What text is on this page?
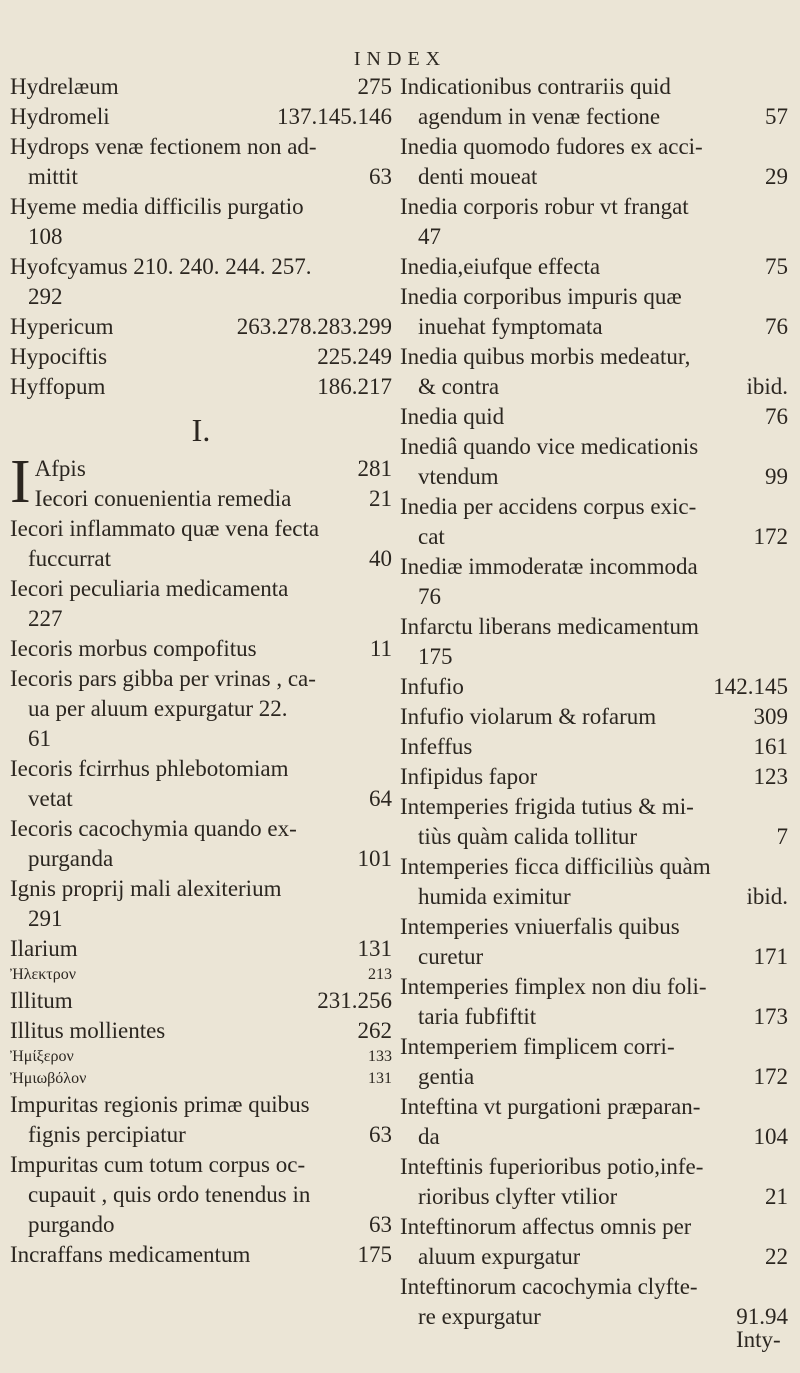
INDEX
Hydrelæum	275
Hydromeli	137.145.146
Hydrops venæ fectionem non ad-
mittit	63
Hyeme media difficilis purgatio
108
Hyofcyamus 210. 240. 244. 257.
292
Hypericum	263.278.283.299
Hypociftis	225.249
Hyffopum	186.217
I.
I Afpis	281
Iecori conuenientia remedia	21
Iecori inflammato quæ vena fecta
fuccurrat	40
Iecori peculiaria medicamenta
227
Iecoris morbus compofitus	11
Iecoris pars gibba per vrinas , ca-
ua per aluum expurgatur 22.
61
Iecoris fcirrhus phlebotomiam
vetat	64
Iecoris cacochymia quando ex-
purganda	101
Ignis proprij mali alexiterium
291
Ilarium	131
Ἠλεκτρον	213
Illitum	231.256
Illitus mollientes	262
Ἠμίξερον	133
Ἠμιωβόλον	131
Impuritas regionis primæ quibus
fignis percipiatur	63
Impuritas cum totum corpus oc-
cupauit , quis ordo tenendus in
purgando	63
Incraffans medicamentum	175
Indicationibus contrariis quid
agendum in venæ fectione	57
Inedia quomodo fudores ex acci-
denti moueat	29
Inedia corporis robur vt frangat
47
Inedia,eiufque effecta	75
Inedia corporibus impuris quæ
inuehat fymptomata	76
Inedia quibus morbis medeatur,
& contra	ibid.
Inedia quid	76
Inediâ quando vice medicationis
vtendum	99
Inedia per accidens corpus exic-
cat	172
Inediæ immoderatæ incommoda
76
Infarctu liberans medicamentum
175
Infufio	142.145
Infufio violarum & rofarum	309
Infeffus	161
Infipidus fapor	123
Intemperies frigida tutius & mi-
tiùs quàm calida tollitur	7
Intemperies ficca difficiliùs quàm
humida eximitur	ibid.
Intemperies vniuerfalis quibus
curetur	171
Intemperies fimplex non diu foli-
taria fubfiftit	173
Intemperiem fimplicem corri-
gentia	172
Inteftina vt purgationi præparan-
da	104
Inteftinis fuperioribus potio,infe-
rioribus clyfter vtilior	21
Inteftinorum affectus omnis per
aluum expurgatur	22
Inteftinorum cacochymia clyfte-
re expurgatur	91.94
Inty-
